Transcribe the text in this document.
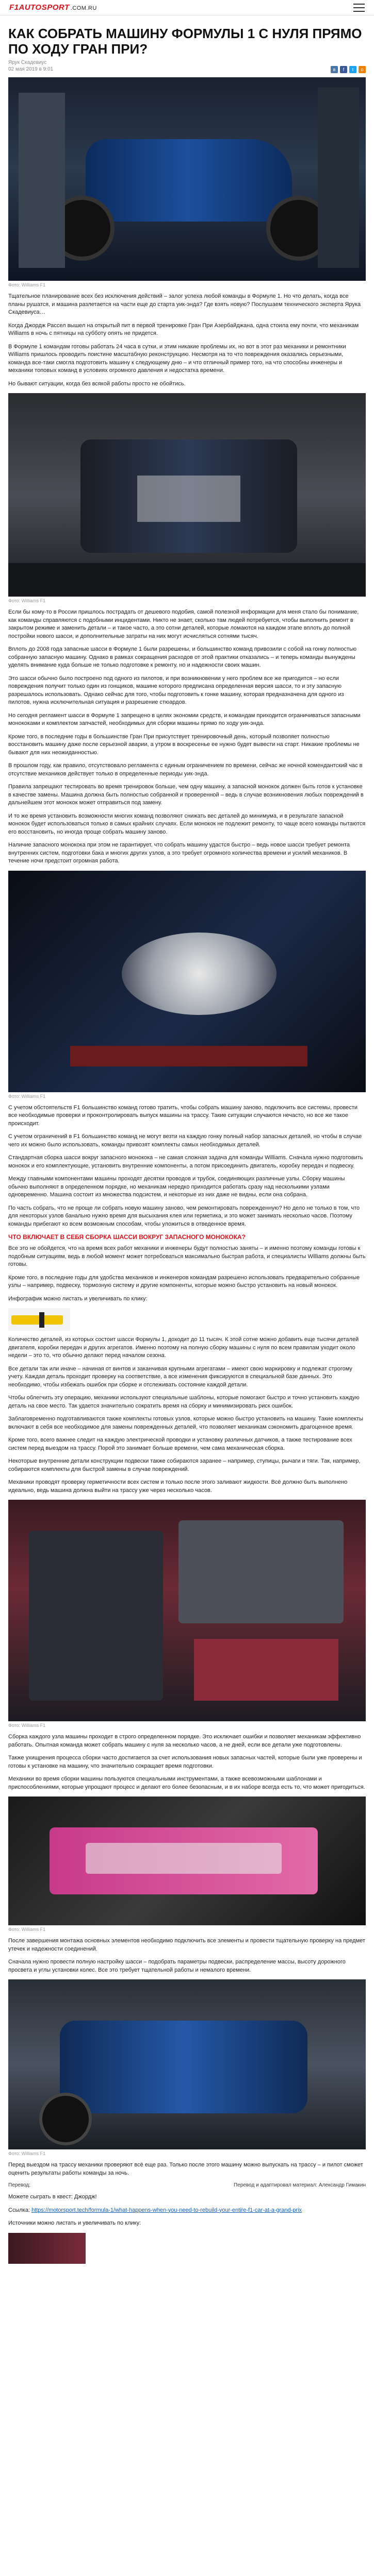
F1AUTOSPORT .COM.RU
КАК СОБРАТЬ МАШИНУ ФОРМУЛЫ 1 С НУЛЯ ПРЯМО ПО ХОДУ ГРАН ПРИ?
Ярук Скадевиус
02 мая 2019 в 9:01	в	f	t	o
Фото: Williams F1

Тщательное планирование всех без исключения действий – залог успеха любой команды в Формуле 1. Но что делать, когда все планы рушатся, и машина разлетается на части еще до старта уик-энда? Где взять новую? Послушаем технического эксперта Ярука Скадевиуса…

Когда Джордж Рассел вышел на открытый пит в первой тренировке Гран При Азербайджана, одна стоила ему почти, что механикам Williams в ночь с пятницы на субботу опять не придется.

В Формуле 1 командам готовы работать 24 часа в сутки, и этим никакие проблемы их, но вот в этот раз механики и ремонтники Williams пришлось проводить поистине масштабную реконструкцию. Несмотря на то что повреждения оказались серьезными, команда все-таки смогла подготовить машину к следующему дню – и что отличный пример того, на что способны инженеры и механики топовых команд в условиях огромного давления и недостатка времени.

Но бывают ситуации, когда без всякой работы просто не обойтись.

Фото: Williams F1

Если бы кому-то в России пришлось пострадать от дешевого подобия, самой полезной информации для меня стало бы понимание, как команды справляются с подобными инцидентами. Никто не знает, сколько там людей потребуется, чтобы выполнить ремонт в закрытом режиме и заменить детали – и такое часто, а это сотни деталей, которые ломаются на каждом этапе вплоть до полной постройки нового шасси, и дополнительные затраты на них могут исчисляться сотнями тысяч.

Вплоть до 2008 года запасные шасси в Формуле 1 были разрешены, и большинство команд привозили с собой на гонку полностью собранную запасную машину. Однако в рамках сокращения расходов от этой практики отказались – и теперь команды вынуждены уделять внимание куда больше не только подготовке к ремонту, но и надежности своих машин.

Это шасси обычно было построено под одного из пилотов, и при возникновении у него проблем все же пригодится – но если повреждения получит только один из гонщиков, машине которого предписана определенная версия шасси, то и эту запасную разрешалось использовать. Однако сейчас для того, чтобы подготовить к гонке машину, которая предназначена для одного из пилотов, нужна исключительная ситуация и разрешение стюардов.

Но сегодня регламент шасси в Формуле 1 запрещено в целях экономии средств, и командам приходится ограничиваться запасными монококами и комплектом запчастей, необходимых для сборки машины прямо по ходу уик-энда.

Кроме того, в последние годы в большинстве Гран При присутствует тренировочный день, который позволяет полностью восстановить машину даже после серьезной аварии, а утром в воскресенье ее нужно будет вывести на старт. Никакие проблемы не бывают для них неожиданностью.

В прошлом году, как правило, отсутствовало регламента с единым ограничением по времени, сейчас же ночной комендантский час в отсутствие механиков действует только в определенные периоды уик-энда.

Правила запрещают тестировать во время тренировок больше, чем одну машину, а запасной монокок должен быть готов к установке в качестве замены. Машина должна быть полностью собранной и проверенной – ведь в случае возникновения любых повреждений в дальнейшем этот монокок может отправиться под замену.

И то же время установить возможности многих команд позволяют снижать вес деталей до минимума, и в результате запасной монокок будет использоваться только в самых крайних случаях. Если монокок не подлежит ремонту, то чаще всего команды пытаются его восстановить, но иногда проще собрать машину заново.

Наличие запасного монокока при этом не гарантирует, что собрать машину удастся быстро – ведь новое шасси требует ремонта внутренних систем, подготовки бака и многих других узлов, а это требует огромного количества времени и усилий механиков. В течение ночи предстоит огромная работа.

Фото: Williams F1

С учетом обстоятельств F1 большинство команд готово тратить, чтобы собрать машину заново, подключить все системы, провести все необходимые проверки и проконтролировать выпуск машины на трассу. Такие ситуации случаются нечасто, но все же такое происходит.

С учетом ограничений в F1 большинство команд не могут везти на каждую гонку полный набор запасных деталей, но чтобы в случае чего их можно было использовать, команды привозят комплекты самых необходимых деталей.

Стандартная сборка шасси вокруг запасного монокока – не самая сложная задача для команды Williams. Сначала нужно подготовить монокок и его комплектующие, установить внутренние компоненты, а потом присоединить двигатель, коробку передач и подвеску.

Между главными компонентами машины проходят десятки проводов и трубок, соединяющих различные узлы. Сборку машины обычно выполняют в определенном порядке, но механикам нередко приходится работать сразу над несколькими узлами одновременно. Машина состоит из множества подсистем, и некоторые из них даже не видны, если она собрана.

По часть собрать, что не проще ли собрать новую машину заново, чем ремонтировать поврежденную? Но дело не только в том, что для некоторых узлов банально нужно время для высыхания клея или герметика, и это может занимать несколько часов. Поэтому команды прибегают ко всем возможным способам, чтобы уложиться в отведенное время.

ЧТО ВКЛЮЧАЕТ В СЕБЯ СБОРКА ШАССИ ВОКРУГ ЗАПАСНОГО МОНОКОКА?

Все это не обойдется, что на время всех работ механики и инженеры будут полностью заняты – и именно поэтому команды готовы к подобным ситуациям, ведь в любой момент может потребоваться максимально быстрая работа, и специалисты Williams должны быть готовы.

Кроме того, в последние годы для удобства механиков и инженеров командам разрешено использовать предварительно собранные узлы – например, подвеску, тормозную систему и другие компоненты, которые можно быстро установить на новый монокок.

Инфографик можно листать и увеличивать по клику:

Количество деталей, из которых состоит шасси Формулы 1, доходит до 11 тысяч. К этой сотне можно добавить еще тысячи деталей двигателя, коробки передач и других агрегатов. Именно поэтому на полную сборку машины с нуля по всем правилам уходит около недели – это то, что обычно делают перед началом сезона.

Все детали так или иначе – начиная от винтов и заканчивая крупными агрегатами – имеют свою маркировку и подлежат строгому учету. Каждая деталь проходит проверку на соответствие, а все изменения фиксируются в специальной базе данных. Это необходимо, чтобы избежать ошибок при сборке и отслеживать состояние каждой детали.

Чтобы облегчить эту операцию, механики используют специальные шаблоны, которые помогают быстро и точно установить каждую деталь на свое место. Так удается значительно сократить время на сборку и минимизировать риск ошибок.

Заблаговременно подготавливаются также комплекты готовых узлов, которые можно быстро установить на машину. Такие комплекты включают в себя все необходимое для замены поврежденных деталей, что позволяет механикам сэкономить драгоценное время.

Кроме того, всего важнее следит на каждую электрической проводки и установку различных датчиков, а также тестирование всех систем перед выездом на трассу. Порой это занимает больше времени, чем сама механическая сборка.

Некоторые внутренние детали конструкции подвески также собираются заранее – например, ступицы, рычаги и тяги. Так, например, собираются комплекты для быстрой замены в случае повреждений.

Механики проводят проверку герметичности всех систем и только после этого заливают жидкости. Всё должно быть выполнено идеально, ведь машина должна выйти на трассу уже через несколько часов.

Фото: Williams F1

Сборка каждого узла машины проходит в строго определенном порядке. Это исключает ошибки и позволяет механикам эффективно работать. Опытная команда может собрать машину с нуля за несколько часов, а не дней, если все детали уже подготовлены.

Также ухищрения процесса сборки часто достигается за счет использования новых запасных частей, которые были уже проверены и готовы к установке на машину, что значительно сокращает время подготовки.

Механики во время сборки машины пользуются специальными инструментами, а также всевозможными шаблонами и приспособлениями, которые упрощают процесс и делают его более безопасным, и в их наборе всегда есть то, что может пригодиться.

Фото: Williams F1

После завершения монтажа основных элементов необходимо подключить все элементы и провести тщательную проверку на предмет утечек и надежности соединений.

Сначала нужно провести полную настройку шасси – подобрать параметры подвески, распределение массы, высоту дорожного просвета и углы установки колес. Все это требует тщательной работы и немалого времени.

Фото: Williams F1

Перед выездом на трассу механики проверяют всё еще раз. Только после этого машину можно выпускать на трассу – и пилот сможет оценить результаты работы команды за ночь.

Перевод:	Перевод и адаптировал материал: Александр Гимакин

Можете сыграть в квест: Джордж!

Ссылка: https://motorsport.tech/formula-1/what-happens-when-you-need-to-rebuild-your-entire-f1-car-at-a-grand-prix

Источники можно листать и увеличивать по клику:
